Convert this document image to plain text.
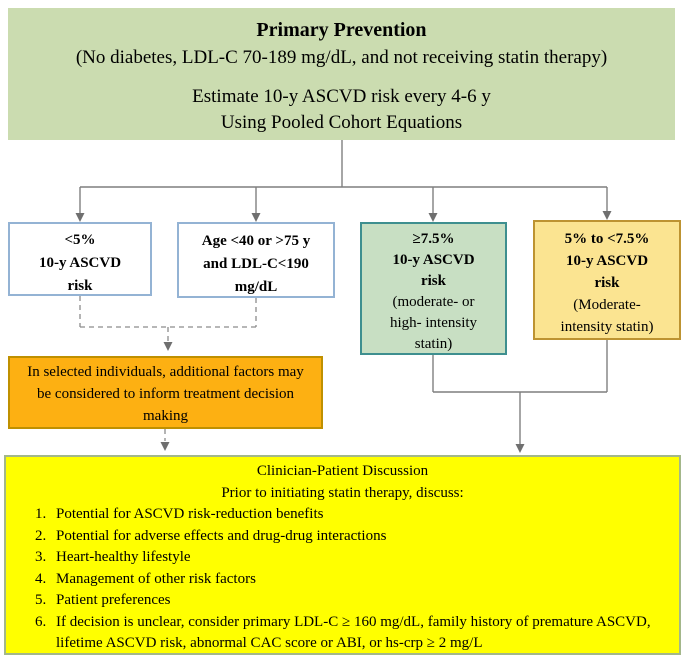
Primary Prevention
(No diabetes, LDL-C 70-189 mg/dL, and not receiving statin therapy)
Estimate 10-y ASCVD risk every 4-6 y
Using Pooled Cohort Equations
<5%
10-y ASCVD
risk
Age <40 or >75 y
and LDL-C<190
mg/dL
≥7.5%
10-y ASCVD
risk
(moderate- or
high- intensity
statin)
5% to <7.5%
10-y ASCVD
risk
(Moderate-
intensity statin)
In selected individuals, additional factors may be considered to inform treatment decision making
Clinician-Patient Discussion
Prior to initiating statin therapy, discuss:
1. Potential for ASCVD risk-reduction benefits
2. Potential for adverse effects and drug-drug interactions
3. Heart-healthy lifestyle
4. Management of other risk factors
5. Patient preferences
6. If decision is unclear, consider primary LDL-C ≥ 160 mg/dL, family history of premature ASCVD, lifetime ASCVD risk, abnormal CAC score or ABI, or hs-crp ≥ 2 mg/L
